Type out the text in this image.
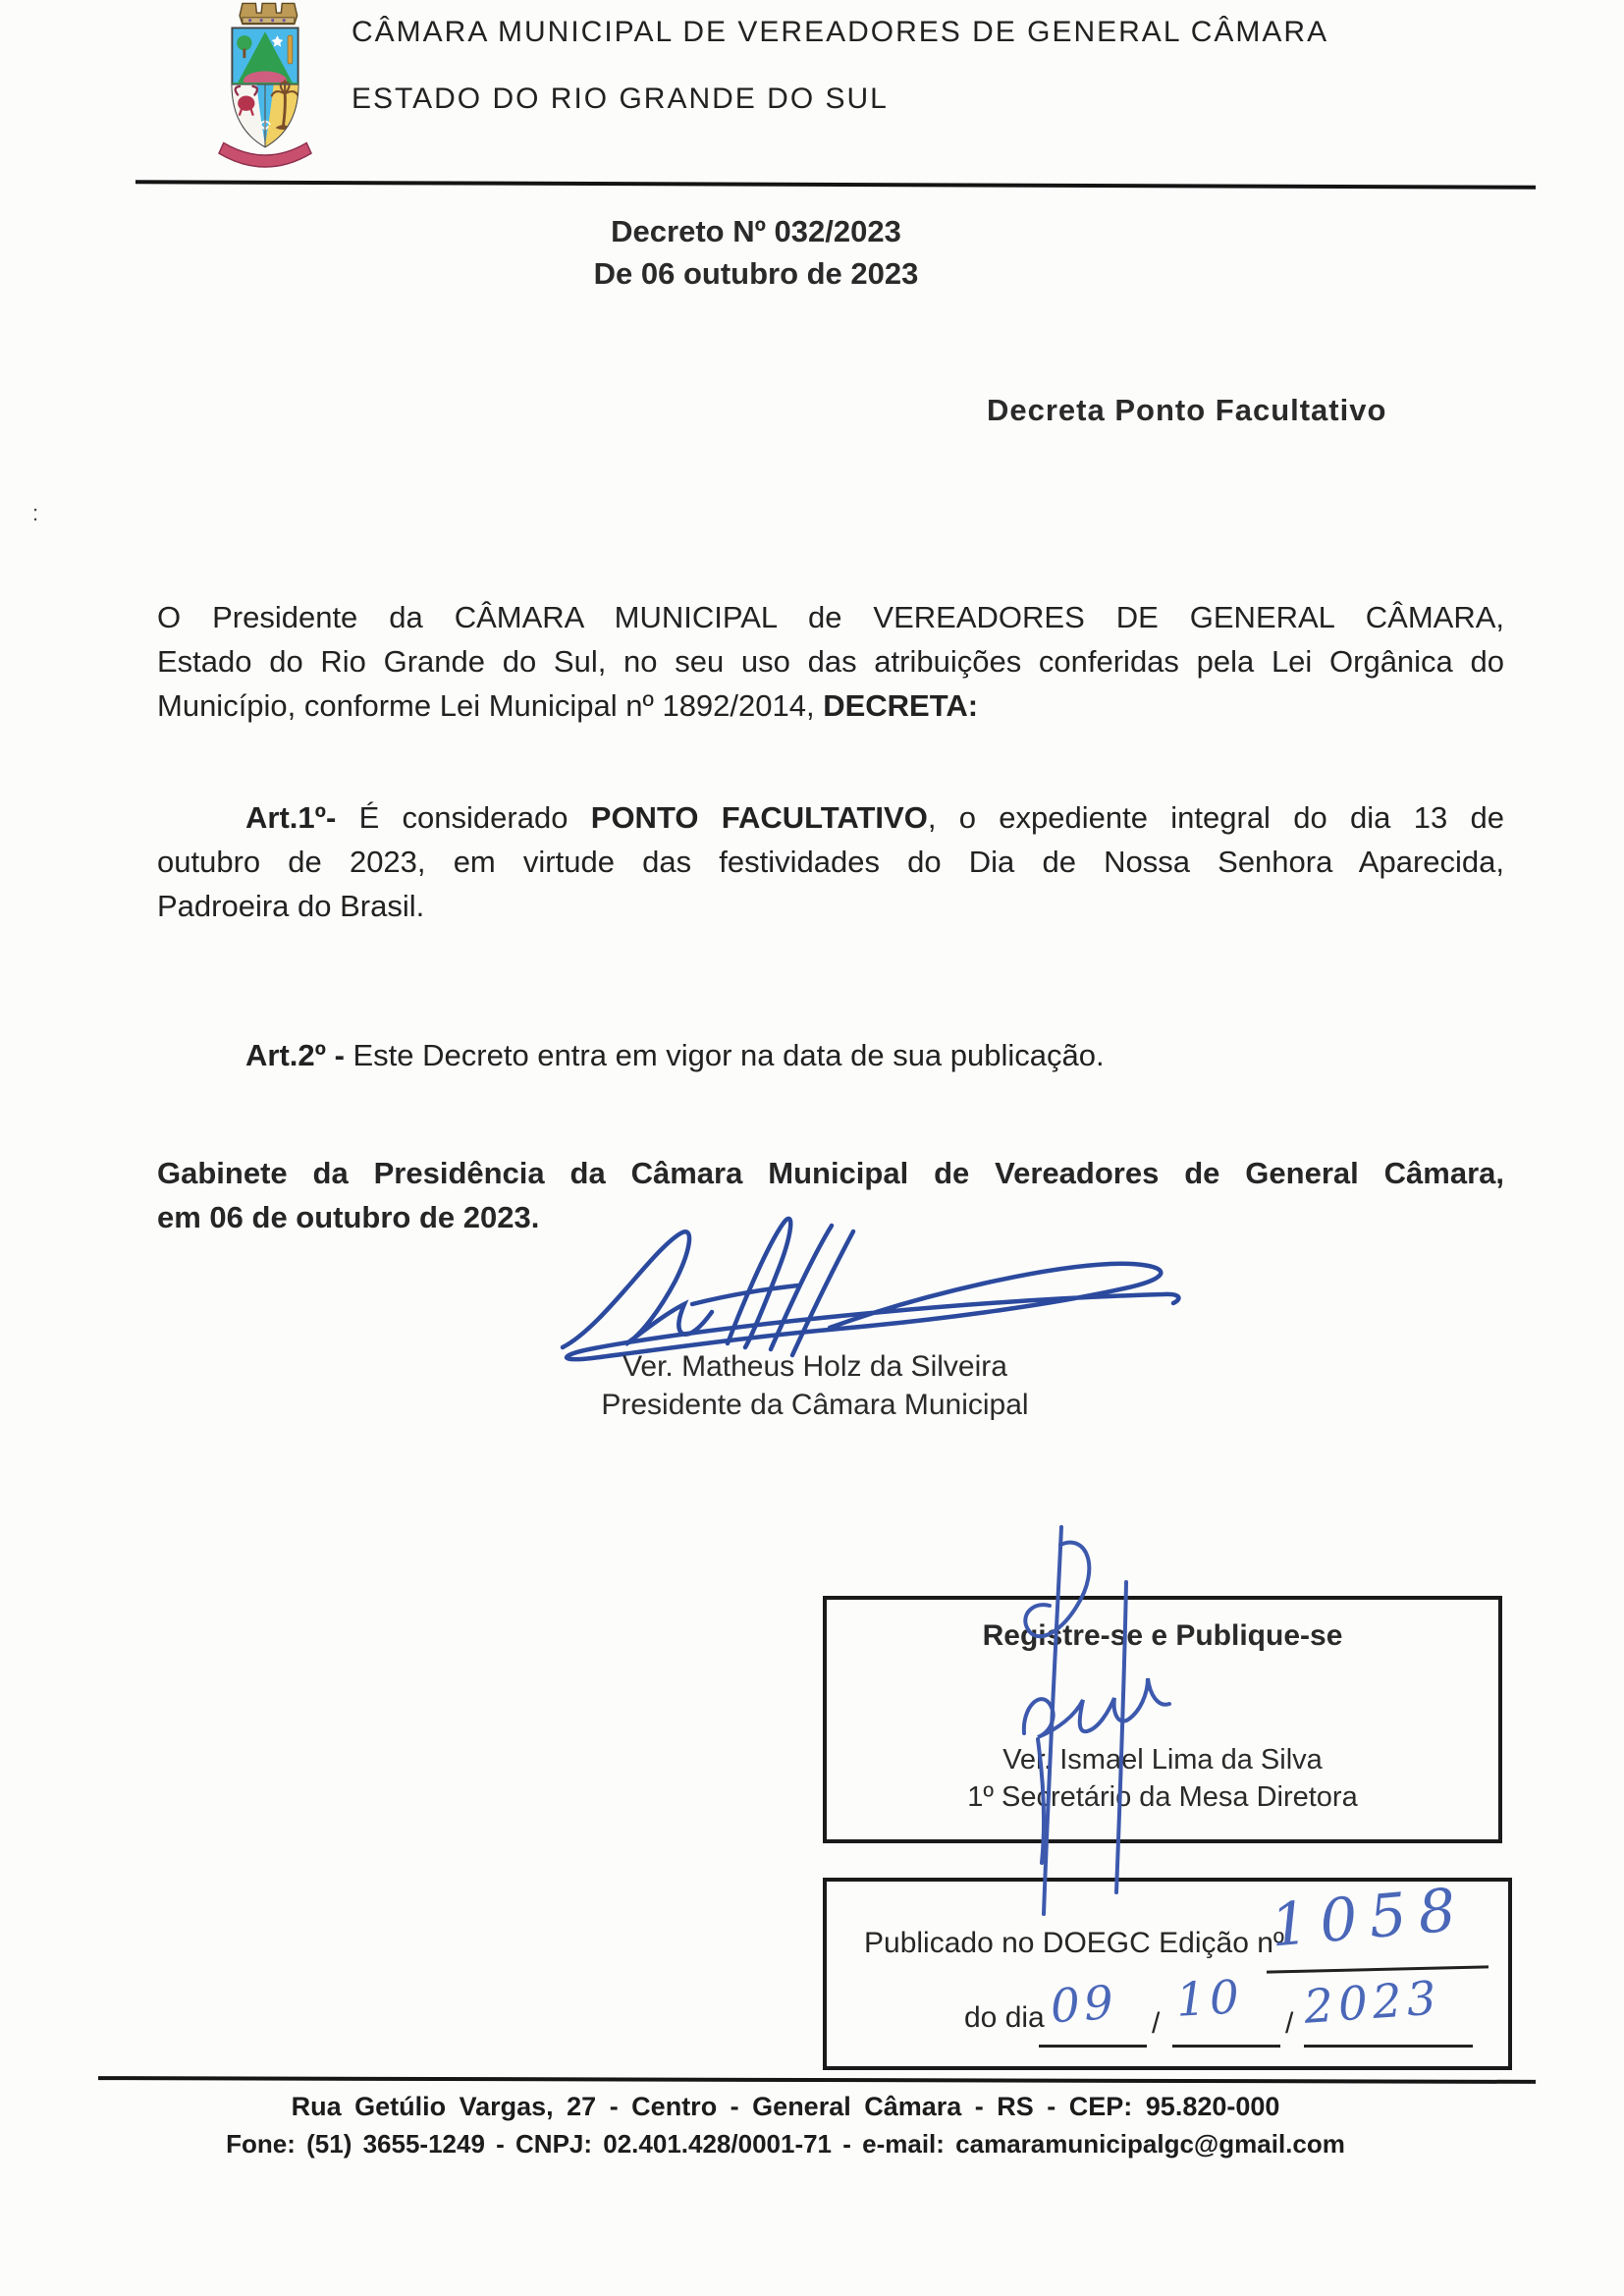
CÂMARA MUNICIPAL DE VEREADORES DE GENERAL CÂMARA
ESTADO DO RIO GRANDE DO SUL
Decreto Nº 032/2023
De 06 outubro de 2023
Decreta Ponto Facultativo
:
O Presidente da CÂMARA MUNICIPAL de VEREADORES DE GENERAL CÂMARA,
Estado do Rio Grande do Sul, no seu uso das atribuições conferidas pela Lei Orgânica do
Município, conforme Lei Municipal nº 1892/2014, DECRETA:
Art.1º- É considerado PONTO FACULTATIVO, o expediente integral do dia 13 de
outubro de 2023, em virtude das festividades do Dia de Nossa Senhora Aparecida,
Padroeira do Brasil.
Art.2º - Este Decreto entra em vigor na data de sua publicação.
Gabinete da Presidência da Câmara Municipal de Vereadores de General Câmara,
em 06 de outubro de 2023.
Ver. Matheus Holz da Silveira
Presidente da Câmara Municipal
Registre-se e Publique-se
Ver. Ismael Lima da Silva
1º Secretário da Mesa Diretora
Publicado no DOEGC Edição nº
1058
do dia 09 10 2023
/	/
Rua Getúlio Vargas, 27 - Centro - General Câmara - RS - CEP: 95.820-000
Fone: (51) 3655-1249 - CNPJ: 02.401.428/0001-71 - e-mail: camaramunicipalgc@gmail.com
